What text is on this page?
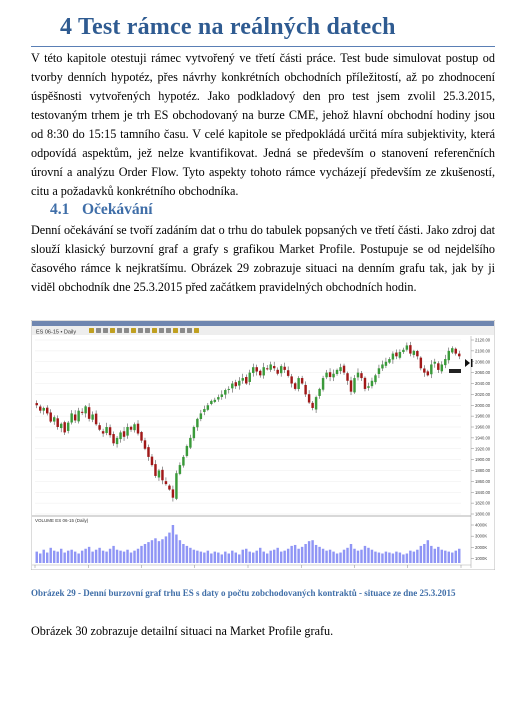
4 Test rámce na reálných datech

V této kapitole otestuji rámec vytvořený ve třetí části práce. Test bude simulovat postup od tvorby denních hypotéz, přes návrhy konkrétních obchodních příležitostí, až po zhodnocení úspěšnosti vytvořených hypotéz. Jako podkladový den pro test jsem zvolil 25.3.2015, testovaným trhem je trh ES obchodovaný na burze CME, jehož hlavní obchodní hodiny jsou od 8:30 do 15:15 tamního času. V celé kapitole se předpokládá určitá míra subjektivity, která odpovídá aspektům, jež nelze kvantifikovat. Jedná se především o stanovení referenčních úrovní a analýzu Order Flow. Tyto aspekty tohoto rámce vycházejí především ze zkušeností, citu a požadavků konkrétního obchodníka.

4.1 Očekávání

Denní očekávání se tvoří zadáním dat o trhu do tabulek popsaných ve třetí části. Jako zdroj dat slouží klasický burzovní graf a grafy s grafikou Market Profile. Postupuje se od nejdelšího časového rámce k nejkratšímu. Obrázek 29 zobrazuje situaci na denním grafu tak, jak by ji viděl obchodník dne 25.3.2015 před začátkem pravidelných obchodních hodin.

ES 06-15 • Daily
2120.00
2100.00
2080.00
2060.00
2040.00
2020.00
2000.00
1980.00
1960.00
1940.00
1920.00
1900.00
1880.00
1860.00
1840.00
1820.00
1800.00
VOLUME ES 06-15 (Daily)
4000K
3000K
2000K
1000K

Obrázek 29 - Denní burzovní graf trhu ES s daty o počtu zobchodovaných kontraktů - situace ze dne 25.3.2015

Obrázek 30 zobrazuje detailní situaci na Market Profile grafu.
